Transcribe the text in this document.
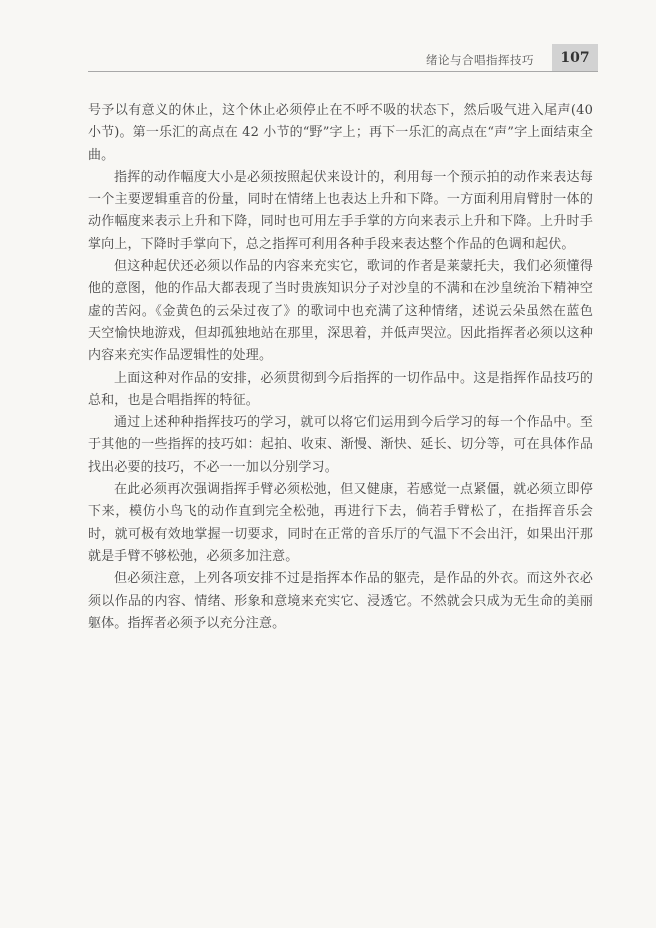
绪论与合唱指挥技巧 107

号予以有意义的休止，这个休止必须停止在不呼不吸的状态下，然后吸气进入尾声(40 小节)。第一乐汇的高点在 42 小节的“野”字上；再下一乐汇的高点在“声”字上面结束全曲。

指挥的动作幅度大小是必须按照起伏来设计的，利用每一个预示拍的动作来表达每一个主要逻辑重音的份量，同时在情绪上也表达上升和下降。一方面利用肩臂肘一体的动作幅度来表示上升和下降，同时也可用左手手掌的方向来表示上升和下降。上升时手掌向上，下降时手掌向下，总之指挥可利用各种手段来表达整个作品的色调和起伏。

但这种起伏还必须以作品的内容来充实它，歌词的作者是莱蒙托夫，我们必须懂得他的意图，他的作品大都表现了当时贵族知识分子对沙皇的不满和在沙皇统治下精神空虚的苦闷。《金黄色的云朵过夜了》的歌词中也充满了这种情绪，述说云朵虽然在蓝色天空愉快地游戏，但却孤独地站在那里，深思着，并低声哭泣。因此指挥者必须以这种内容来充实作品逻辑性的处理。

上面这种对作品的安排，必须贯彻到今后指挥的一切作品中。这是指挥作品技巧的总和，也是合唱指挥的特征。

通过上述种种指挥技巧的学习，就可以将它们运用到今后学习的每一个作品中。至于其他的一些指挥的技巧如：起拍、收束、渐慢、渐快、延长、切分等，可在具体作品找出必要的技巧，不必一一加以分别学习。

在此必须再次强调指挥手臂必须松弛，但又健康，若感觉一点紧僵，就必须立即停下来，模仿小鸟飞的动作直到完全松弛，再进行下去，倘若手臂松了，在指挥音乐会时，就可极有效地掌握一切要求，同时在正常的音乐厅的气温下不会出汗，如果出汗那就是手臂不够松弛，必须多加注意。

但必须注意，上列各项安排不过是指挥本作品的躯壳，是作品的外衣。而这外衣必须以作品的内容、情绪、形象和意境来充实它、浸透它。不然就会只成为无生命的美丽躯体。指挥者必须予以充分注意。
